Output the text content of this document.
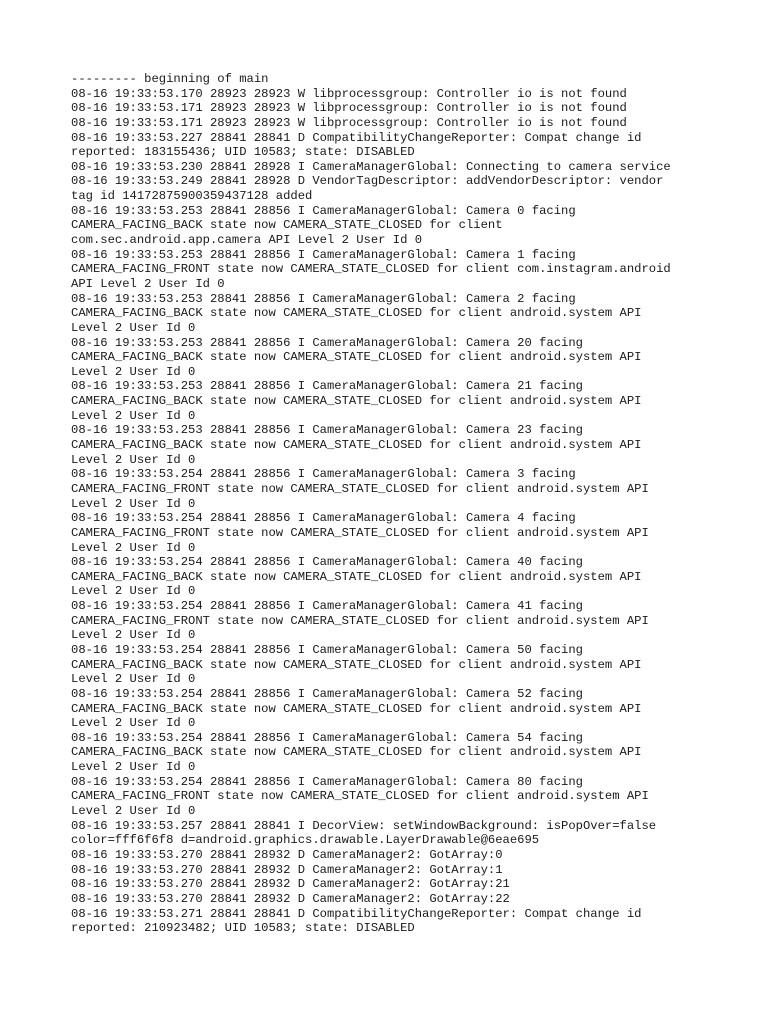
--------- beginning of main
08-16 19:33:53.170 28923 28923 W libprocessgroup: Controller io is not found
08-16 19:33:53.171 28923 28923 W libprocessgroup: Controller io is not found
08-16 19:33:53.171 28923 28923 W libprocessgroup: Controller io is not found
08-16 19:33:53.227 28841 28841 D CompatibilityChangeReporter: Compat change id
reported: 183155436; UID 10583; state: DISABLED
08-16 19:33:53.230 28841 28928 I CameraManagerGlobal: Connecting to camera service
08-16 19:33:53.249 28841 28928 D VendorTagDescriptor: addVendorDescriptor: vendor
tag id 14172875900359437128 added
08-16 19:33:53.253 28841 28856 I CameraManagerGlobal: Camera 0 facing
CAMERA_FACING_BACK state now CAMERA_STATE_CLOSED for client
com.sec.android.app.camera API Level 2 User Id 0
08-16 19:33:53.253 28841 28856 I CameraManagerGlobal: Camera 1 facing
CAMERA_FACING_FRONT state now CAMERA_STATE_CLOSED for client com.instagram.android
API Level 2 User Id 0
08-16 19:33:53.253 28841 28856 I CameraManagerGlobal: Camera 2 facing
CAMERA_FACING_BACK state now CAMERA_STATE_CLOSED for client android.system API
Level 2 User Id 0
08-16 19:33:53.253 28841 28856 I CameraManagerGlobal: Camera 20 facing
CAMERA_FACING_BACK state now CAMERA_STATE_CLOSED for client android.system API
Level 2 User Id 0
08-16 19:33:53.253 28841 28856 I CameraManagerGlobal: Camera 21 facing
CAMERA_FACING_BACK state now CAMERA_STATE_CLOSED for client android.system API
Level 2 User Id 0
08-16 19:33:53.253 28841 28856 I CameraManagerGlobal: Camera 23 facing
CAMERA_FACING_BACK state now CAMERA_STATE_CLOSED for client android.system API
Level 2 User Id 0
08-16 19:33:53.254 28841 28856 I CameraManagerGlobal: Camera 3 facing
CAMERA_FACING_FRONT state now CAMERA_STATE_CLOSED for client android.system API
Level 2 User Id 0
08-16 19:33:53.254 28841 28856 I CameraManagerGlobal: Camera 4 facing
CAMERA_FACING_FRONT state now CAMERA_STATE_CLOSED for client android.system API
Level 2 User Id 0
08-16 19:33:53.254 28841 28856 I CameraManagerGlobal: Camera 40 facing
CAMERA_FACING_BACK state now CAMERA_STATE_CLOSED for client android.system API
Level 2 User Id 0
08-16 19:33:53.254 28841 28856 I CameraManagerGlobal: Camera 41 facing
CAMERA_FACING_FRONT state now CAMERA_STATE_CLOSED for client android.system API
Level 2 User Id 0
08-16 19:33:53.254 28841 28856 I CameraManagerGlobal: Camera 50 facing
CAMERA_FACING_BACK state now CAMERA_STATE_CLOSED for client android.system API
Level 2 User Id 0
08-16 19:33:53.254 28841 28856 I CameraManagerGlobal: Camera 52 facing
CAMERA_FACING_BACK state now CAMERA_STATE_CLOSED for client android.system API
Level 2 User Id 0
08-16 19:33:53.254 28841 28856 I CameraManagerGlobal: Camera 54 facing
CAMERA_FACING_BACK state now CAMERA_STATE_CLOSED for client android.system API
Level 2 User Id 0
08-16 19:33:53.254 28841 28856 I CameraManagerGlobal: Camera 80 facing
CAMERA_FACING_FRONT state now CAMERA_STATE_CLOSED for client android.system API
Level 2 User Id 0
08-16 19:33:53.257 28841 28841 I DecorView: setWindowBackground: isPopOver=false
color=fff6f6f8 d=android.graphics.drawable.LayerDrawable@6eae695
08-16 19:33:53.270 28841 28932 D CameraManager2: GotArray:0
08-16 19:33:53.270 28841 28932 D CameraManager2: GotArray:1
08-16 19:33:53.270 28841 28932 D CameraManager2: GotArray:21
08-16 19:33:53.270 28841 28932 D CameraManager2: GotArray:22
08-16 19:33:53.271 28841 28841 D CompatibilityChangeReporter: Compat change id
reported: 210923482; UID 10583; state: DISABLED
